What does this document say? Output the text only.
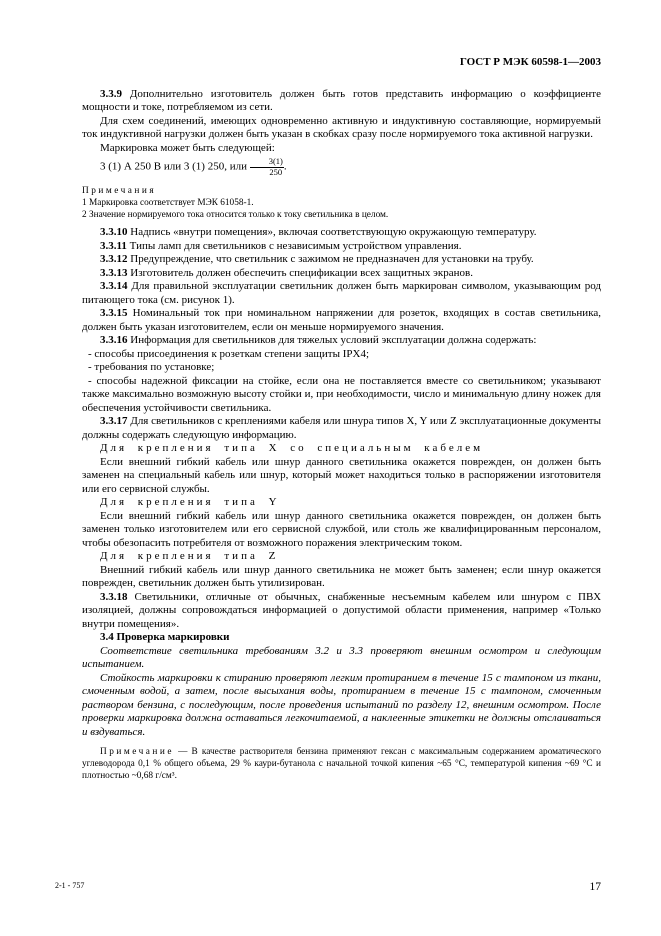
ГОСТ Р МЭК 60598-1—2003

3.3.9 Дополнительно изготовитель должен быть готов представить информацию о коэффициенте мощности и токе, потребляемом из сети.

Для схем соединений, имеющих одновременно активную и индуктивную составляющие, нормируемый ток индуктивной нагрузки должен быть указан в скобках сразу после нормируемого тока активной нагрузки.

Маркировка может быть следующей:

3 (1) А 250 В или 3 (1) 250, или $\frac{3(1)}{250}$ .

Примечания

1 Маркировка соответствует МЭК 61058-1.

2 Значение нормируемого тока относится только к току светильника в целом.

3.3.10 Надпись «внутри помещения», включая соответствующую окружающую температуру.

3.3.11 Типы ламп для светильников с независимым устройством управления.

3.3.12 Предупреждение, что светильник с зажимом не предназначен для установки на трубу.

3.3.13 Изготовитель должен обеспечить спецификации всех защитных экранов.

3.3.14 Для правильной эксплуатации светильник должен быть маркирован символом, указывающим род питающего тока (см. рисунок 1).

3.3.15 Номинальный ток при номинальном напряжении для розеток, входящих в состав светильника, должен быть указан изготовителем, если он меньше нормируемого значения.

3.3.16 Информация для светильников для тяжелых условий эксплуатации должна содержать:

- способы присоединения к розеткам степени защиты IPX4;

- требования по установке;

- способы надежной фиксации на стойке, если она не поставляется вместе со светильником; указывают также максимально возможную высоту стойки и, при необходимости, число и минимальную длину ножек для обеспечения устойчивости светильника.

3.3.17 Для светильников с креплениями кабеля или шнура типов X, Y или Z эксплуатационные документы должны содержать следующую информацию.

Для крепления типа X со специальным кабелем

Если внешний гибкий кабель или шнур данного светильника окажется поврежден, он должен быть заменен на специальный кабель или шнур, который может находиться только в распоряжении изготовителя или его сервисной службы.

Для крепления типа Y

Если внешний гибкий кабель или шнур данного светильника окажется поврежден, он должен быть заменен только изготовителем или его сервисной службой, или столь же квалифицированным персоналом, чтобы обезопасить потребителя от возможного поражения электрическим током.

Для крепления типа Z

Внешний гибкий кабель или шнур данного светильника не может быть заменен; если шнур окажется поврежден, светильник должен быть утилизирован.

3.3.18 Светильники, отличные от обычных, снабженные несъемным кабелем или шнуром с ПВХ изоляцией, должны сопровождаться информацией о допустимой области применения, например «Только внутри помещения».

3.4 Проверка маркировки

Соответствие светильника требованиям 3.2 и 3.3 проверяют внешним осмотром и следующим испытанием.

Стойкость маркировки к стиранию проверяют легким протиранием в течение 15 с тампоном из ткани, смоченным водой, а затем, после высыхания воды, протиранием в течение 15 с тампоном, смоченным раствором бензина, с последующим, после проведения испытаний по разделу 12, внешним осмотром. После проверки маркировка должна оставаться легкочитаемой, а наклеенные этикетки не должны отслаиваться и вздуваться.

Примечание — В качестве растворителя бензина применяют гексан с максимальным содержанием ароматического углеводорода 0,1 % общего объема, 29 % каури-бутанола с начальной точкой кипения ~65 °С, температурой кипения ~69 °С и плотностью ~0,68 г/см³.

2-1 - 757	17
